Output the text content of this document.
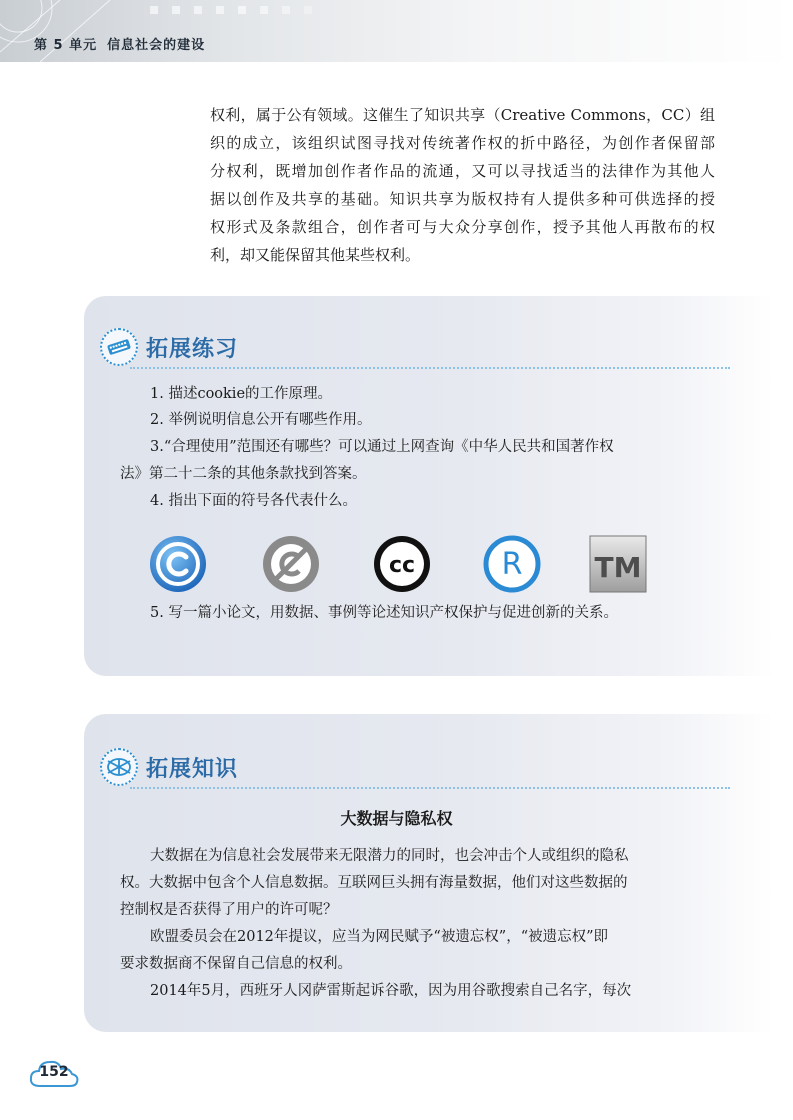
第 5 单元 信息社会的建设
权利，属于公有领域。这催生了知识共享（Creative Commons，CC）组
织的成立，该组织试图寻找对传统著作权的折中路径，为创作者保留部
分权利，既增加创作者作品的流通，又可以寻找适当的法律作为其他人
据以创作及共享的基础。知识共享为版权持有人提供多种可供选择的授
权形式及条款组合，创作者可与大众分享创作，授予其他人再散布的权
利，却又能保留其他某些权利。
拓展练习
1. 描述cookie的工作原理。
2. 举例说明信息公开有哪些作用。
3.“合理使用”范围还有哪些？可以通过上网查询《中华人民共和国著作权
法》第二十二条的其他条款找到答案。
4. 指出下面的符号各代表什么。
cc	R	TM
5. 写一篇小论文，用数据、事例等论述知识产权保护与促进创新的关系。
拓展知识
大数据与隐私权
大数据在为信息社会发展带来无限潜力的同时，也会冲击个人或组织的隐私
权。大数据中包含个人信息数据。互联网巨头拥有海量数据，他们对这些数据的
控制权是否获得了用户的许可呢？
欧盟委员会在2012年提议，应当为网民赋予“被遗忘权”，“被遗忘权”即
要求数据商不保留自己信息的权利。
2014年5月，西班牙人冈萨雷斯起诉谷歌，因为用谷歌搜索自己名字，每次
152
